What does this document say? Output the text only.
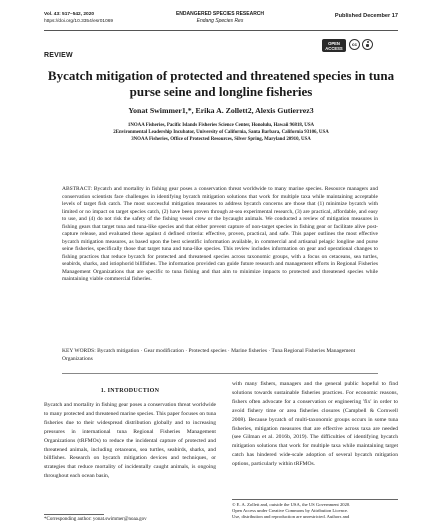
Vol. 43: 517–542, 2020
https://doi.org/10.3354/esr01069
ENDANGERED SPECIES RESEARCH
Endang Species Res
Published December 17
OPEN
ACCESS
cc
REVIEW
Bycatch mitigation of protected and threatened species in tuna purse seine and longline fisheries
Yonat Swimmer1,*, Erika A. Zollett2, Alexis Gutierrez3
1NOAA Fisheries, Pacific Islands Fisheries Science Center, Honolulu, Hawaii 96818, USA
2Environmental Leadership Incubator, University of California, Santa Barbara, California 93106, USA
3NOAA Fisheries, Office of Protected Resources, Silver Spring, Maryland 20910, USA

ABSTRACT: Bycatch and mortality in fishing gear poses a conservation threat worldwide to many marine species. Resource managers and conservation scientists face challenges in identifying bycatch mitigation solutions that work for multiple taxa while maintaining acceptable levels of target fish catch. The most successful mitigation measures to address bycatch concerns are those that (1) minimize bycatch with limited or no impact on target species catch, (2) have been proven through at-sea experimental research, (3) are practical, affordable, and easy to use, and (4) do not risk the safety of the fishing vessel crew or the bycaught animals. We conducted a review of mitigation measures in fishing gears that target tuna and tuna-like species and that either prevent capture of non-target species in fishing gear or facilitate alive post-capture release, and evaluated these against 4 defined criteria: effective, proven, practical, and safe. This paper outlines the most effective bycatch mitigation measures, as based upon the best scientific information available, in commercial and artisanal pelagic longline and purse seine fisheries, specifically those that target tuna and tuna-like species. This review includes information on gear and operational changes to fishing practices that reduce bycatch for protected and threatened species across taxonomic groups, with a focus on cetaceans, sea turtles, seabirds, sharks, and istiophorid billfishes. The information provided can guide future research and management efforts in Regional Fisheries Management Organizations that are specific to tuna fishing and that aim to minimize impacts to protected and threatened species while maintaining viable commercial fisheries.

KEY WORDS: Bycatch mitigation · Gear modification · Protected species · Marine fisheries · Tuna Regional Fisheries Management Organizations

1. INTRODUCTION

Bycatch and mortality in fishing gear poses a conservation threat worldwide to many protected and threatened marine species. This paper focuses on tuna fisheries due to their widespread distribution globally and to increasing pressures in international tuna Regional Fisheries Management Organizations (tRFMOs) to reduce the incidental capture of protected and threatened animals, including cetaceans, sea turtles, seabirds, sharks, and billfishes. Research on bycatch mitigation devices and techniques, or strategies that reduce mortality of incidentally caught animals, is ongoing throughout each ocean basin,

*Corresponding author: yonat.swimmer@noaa.gov

with many fishers, managers and the general public hopeful to find solutions towards sustainable fisheries practices. For economic reasons, fishers often advocate for a conservation or engineering 'fix' in order to avoid fishery time or area fisheries closures (Campbell & Cornwell 2008). Because bycatch of multi-taxonomic groups occurs in some tuna fisheries, mitigation measures that are effective across taxa are needed (see Gilman et al. 2016b, 2019). The difficulties of identifying bycatch mitigation solutions that work for multiple taxa while maintaining target catch has hindered wide-scale adoption of several bycatch mitigation options, particularly within tRFMOs.

© E. A. Zollett and, outside the USA, the US Government 2020.
Open Access under Creative Commons by Attribution Licence.
Use, distribution and reproduction are unrestricted. Authors and
